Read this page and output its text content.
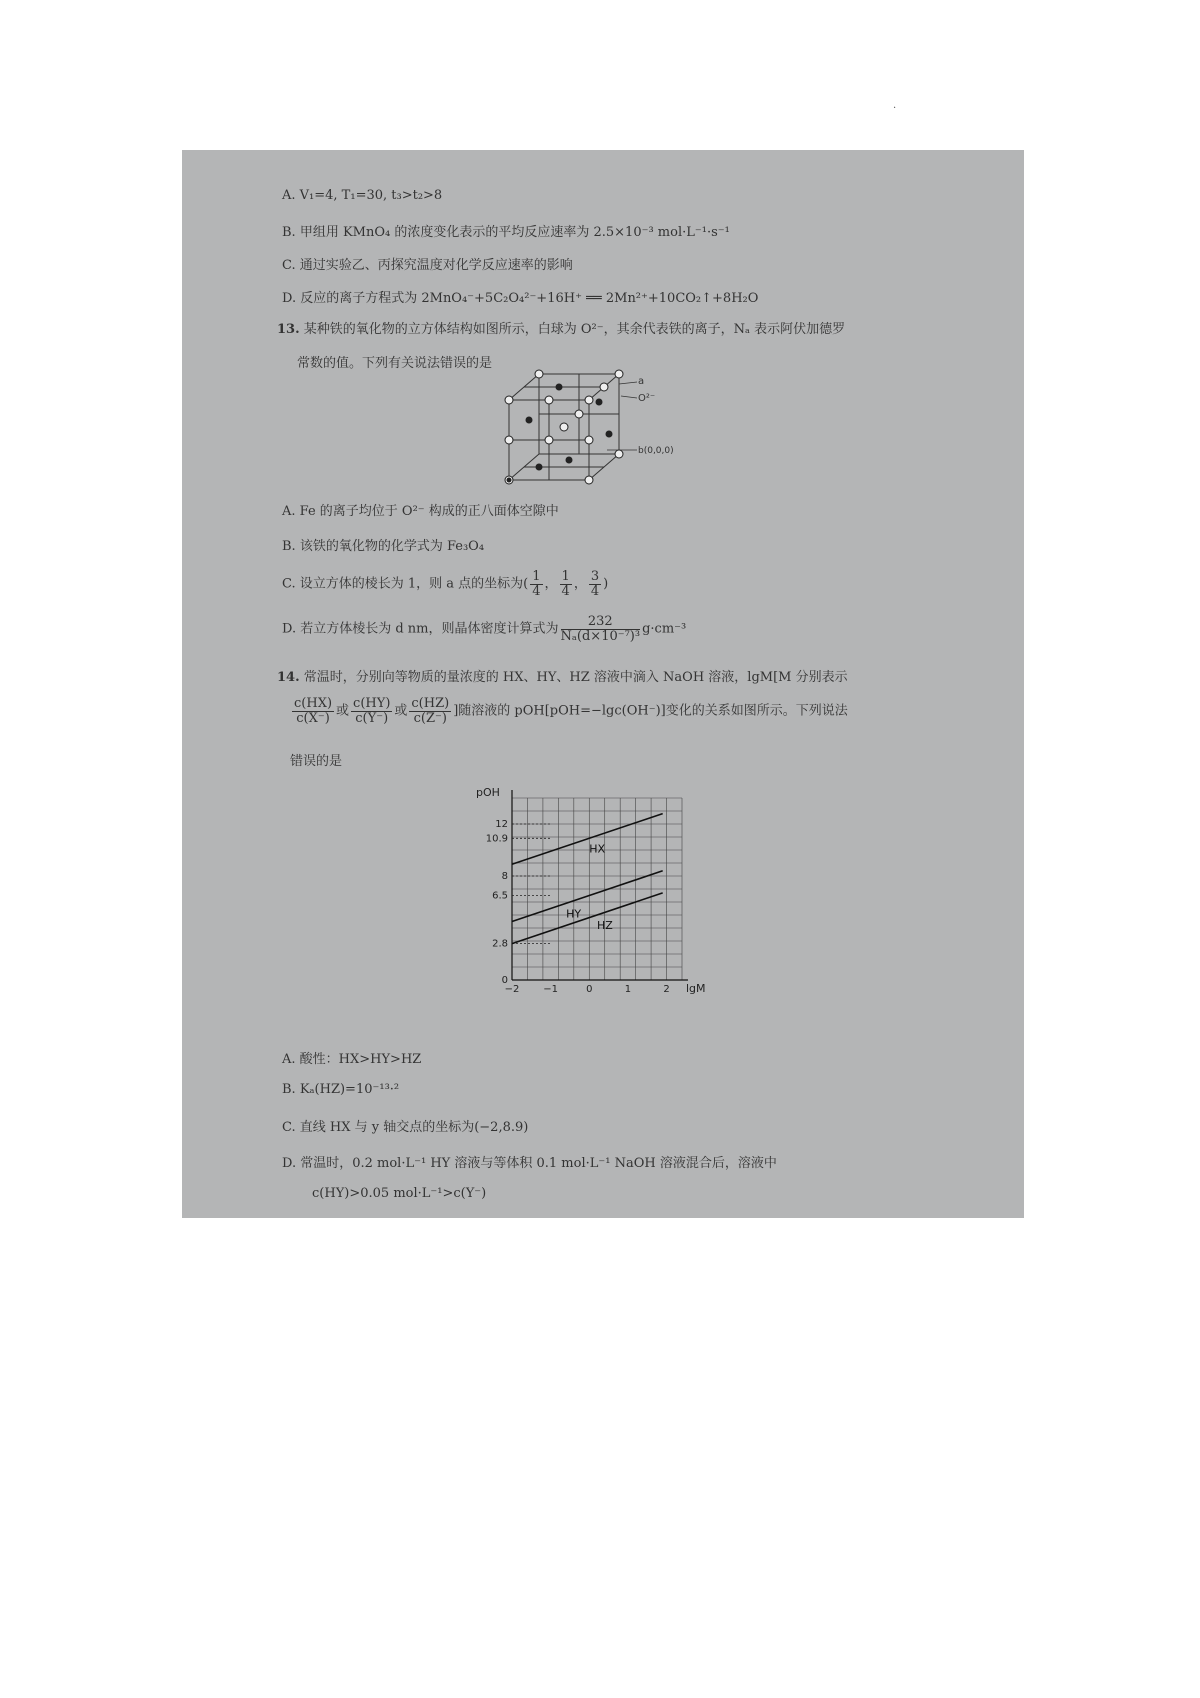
.
A. V₁=4, T₁=30, t₃>t₂>8
B. 甲组用 KMnO₄ 的浓度变化表示的平均反应速率为 2.5×10⁻³ mol·L⁻¹·s⁻¹
C. 通过实验乙、丙探究温度对化学反应速率的影响
D. 反应的离子方程式为 2MnO₄⁻+5C₂O₄²⁻+16H⁺ ══ 2Mn²⁺+10CO₂↑+8H₂O
13. 某种铁的氧化物的立方体结构如图所示，白球为 O²⁻，其余代表铁的离子，Nₐ 表示阿伏加德罗
常数的值。下列有关说法错误的是
a
O²⁻
b(0,0,0)
A. Fe 的离子均位于 O²⁻ 构成的正八面体空隙中
B. 该铁的氧化物的化学式为 Fe₃O₄
C. 设立方体的棱长为 1，则 a 点的坐标为( $\frac{1}{4}$ ， $\frac{1}{4}$ ， $\frac{3}{4}$ )
D. 若立方体棱长为 d nm，则晶体密度计算式为 $\frac{232}{\text{Nₐ(d×10⁻⁷)³}} g\cdot cm^{-3}$
14. 常温时，分别向等物质的量浓度的 HX、HY、HZ 溶液中滴入 NaOH 溶液，lgM[M 分别表示
$\frac{c(HX)}{c(X^-)}$ 或 $\frac{c(HY)}{c(Y^-)}$ 或 $\frac{c(HZ)}{c(Z^-)}$ ]随溶液的 pOH[pOH=−lgc(OH⁻)]变化的关系如图所示。下列说法
错误的是
0
2.8
6.5
8
10.9
12
−2 −1	0	1	2
pOH
lgM
HX
HY
HZ
A. 酸性：HX>HY>HZ
B. Kₐ(HZ)=10⁻¹³·²
C. 直线 HX 与 y 轴交点的坐标为(−2,8.9)
D. 常温时，0.2 mol·L⁻¹ HY 溶液与等体积 0.1 mol·L⁻¹ NaOH 溶液混合后，溶液中
c(HY)>0.05 mol·L⁻¹>c(Y⁻)
